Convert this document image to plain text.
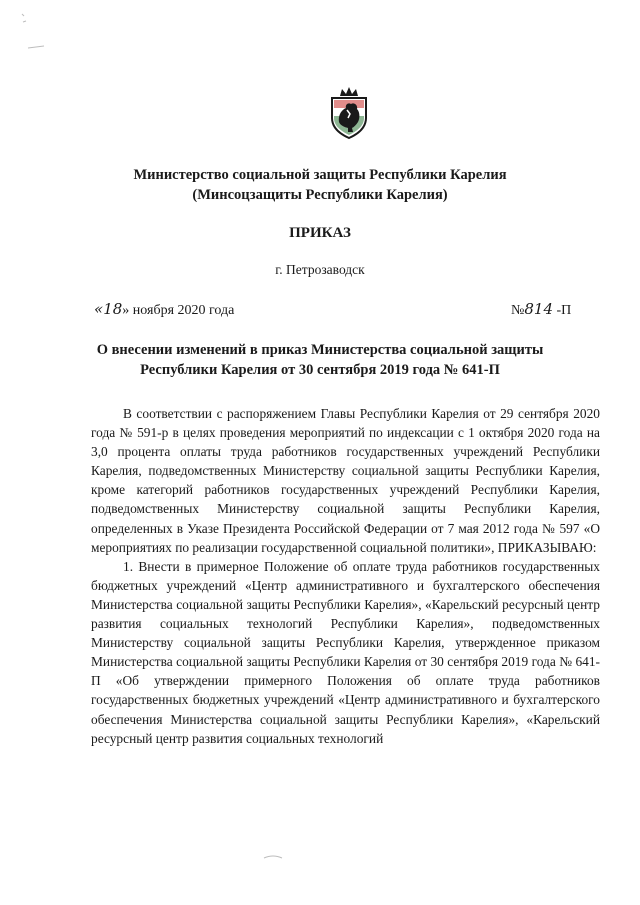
Министерство социальной защиты Республики Карелия
(Минсоцзащиты Республики Карелия)
ПРИКАЗ
г. Петрозаводск
«18» ноября 2020 года	№814 -П
О внесении изменений в приказ Министерства социальной защиты
Республики Карелия от 30 сентября 2019 года № 641-П

В соответствии с распоряжением Главы Республики Карелия от 29 сентября 2020 года № 591-р в целях проведения мероприятий по индексации с 1 октября 2020 года на 3,0 процента оплаты труда работников государственных учреждений Республики Карелия, подведомственных Министерству социальной защиты Республики Карелия, кроме категорий работников государственных учреждений Республики Карелия, подведомственных Министерству социальной защиты Республики Карелия, определенных в Указе Президента Российской Федерации от 7 мая 2012 года № 597 «О мероприятиях по реализации государственной социальной политики», ПРИКАЗЫВАЮ:

1. Внести в примерное Положение об оплате труда работников государственных бюджетных учреждений «Центр административного и бухгалтерского обеспечения Министерства социальной защиты Республики Карелия», «Карельский ресурсный центр развития социальных технологий Республики Карелия», подведомственных Министерству социальной защиты Республики Карелия, утвержденное приказом Министерства социальной защиты Республики Карелия от 30 сентября 2019 года № 641-П «Об утверждении примерного Положения об оплате труда работников государственных бюджетных учреждений «Центр административного и бухгалтерского обеспечения Министерства социальной защиты Республики Карелия», «Карельский ресурсный центр развития социальных технологий
